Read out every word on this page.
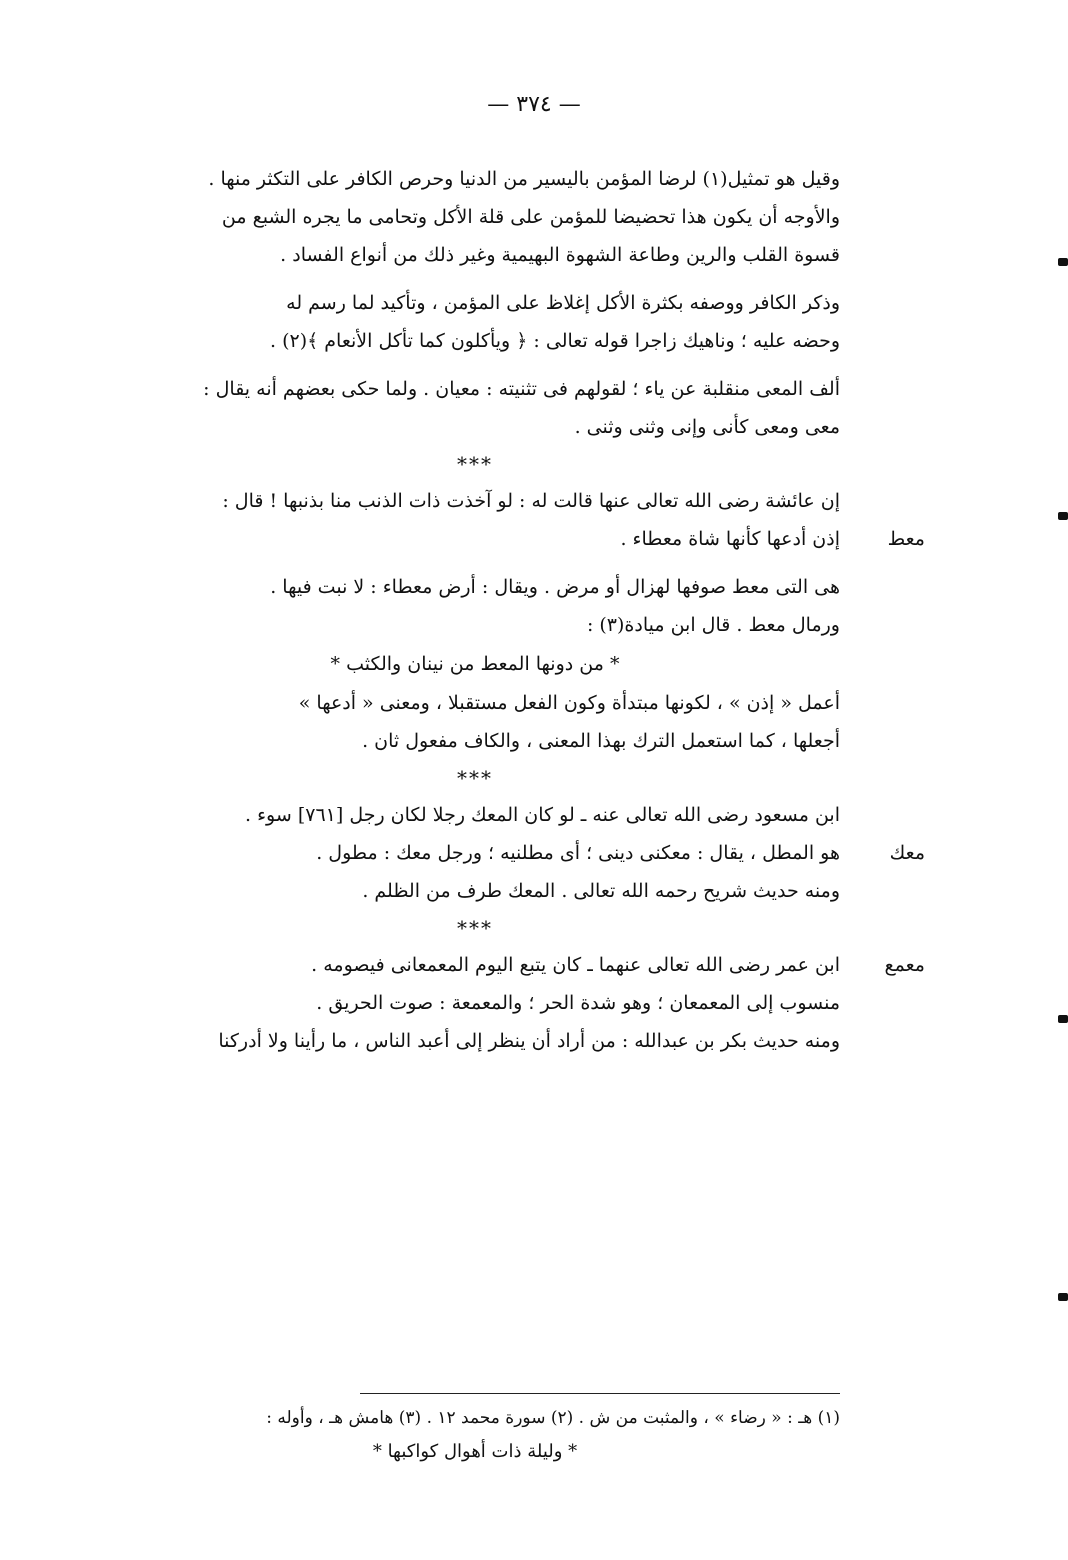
— ٣٧٤ —
وقيل هو تمثيل(١) لرضا المؤمن باليسير من الدنيا وحرص الكافر على التكثر منها .
والأوجه أن يكون هذا تحضيضا للمؤمن على قلة الأكل وتحامى ما يجره الشبع من
قسوة القلب والرين وطاعة الشهوة البهيمية وغير ذلك من أنواع الفساد .
وذكر الكافر ووصفه بكثرة الأكل إغلاظ على المؤمن ، وتأكيد لما رسم له
وحضه عليه ؛ وناهيك زاجرا قوله تعالى : ﴿ ويأكلون كما تأكل الأنعام ﴾(٢) .
ألف المعى منقلبة عن ياء ؛ لقولهم فى تثنيته : معيان . ولما حكى بعضهم أنه يقال :
معى ومعى كأنى وإنى وثنى وثنى .
***
إن عائشة رضى الله تعالى عنها قالت له : لو آخذت ذات الذنب منا بذنبها ! قال :
إذن أدعها كأنها شاة معطاء .	معط
هى التى معط صوفها لهزال أو مرض . ويقال : أرض معطاء : لا نبت فيها .
ورمال معط . قال ابن ميادة(٣) :
* من دونها المعط من نينان والكثب *
أعمل « إذن » ، لكونها مبتدأة وكون الفعل مستقبلا ، ومعنى « أدعها »
أجعلها ، كما استعمل الترك بهذا المعنى ، والكاف مفعول ثان .
***
ابن مسعود رضى الله تعالى عنه ـ لو كان المعك رجلا لكان رجل [٧٦١] سوء .
هو المطل ، يقال : معكنى دينى ؛ أى مطلنيه ؛ ورجل معك : مطول .	معك
ومنه حديث شريح رحمه الله تعالى . المعك طرف من الظلم .
***
ابن عمر رضى الله تعالى عنهما ـ كان يتبع اليوم المعمعانى فيصومه . معمع
منسوب إلى المعمعان ؛ وهو شدة الحر ؛ والمعمعة : صوت الحريق .
ومنه حديث بكر بن عبدالله : من أراد أن ينظر إلى أعبد الناس ، ما رأينا ولا أدركنا
(١) هـ : « رضاء » ، والمثبت من ش . (٢) سورة محمد ١٢ . (٣) هامش هـ ، وأوله :
* وليلة ذات أهوال كواكبها *
